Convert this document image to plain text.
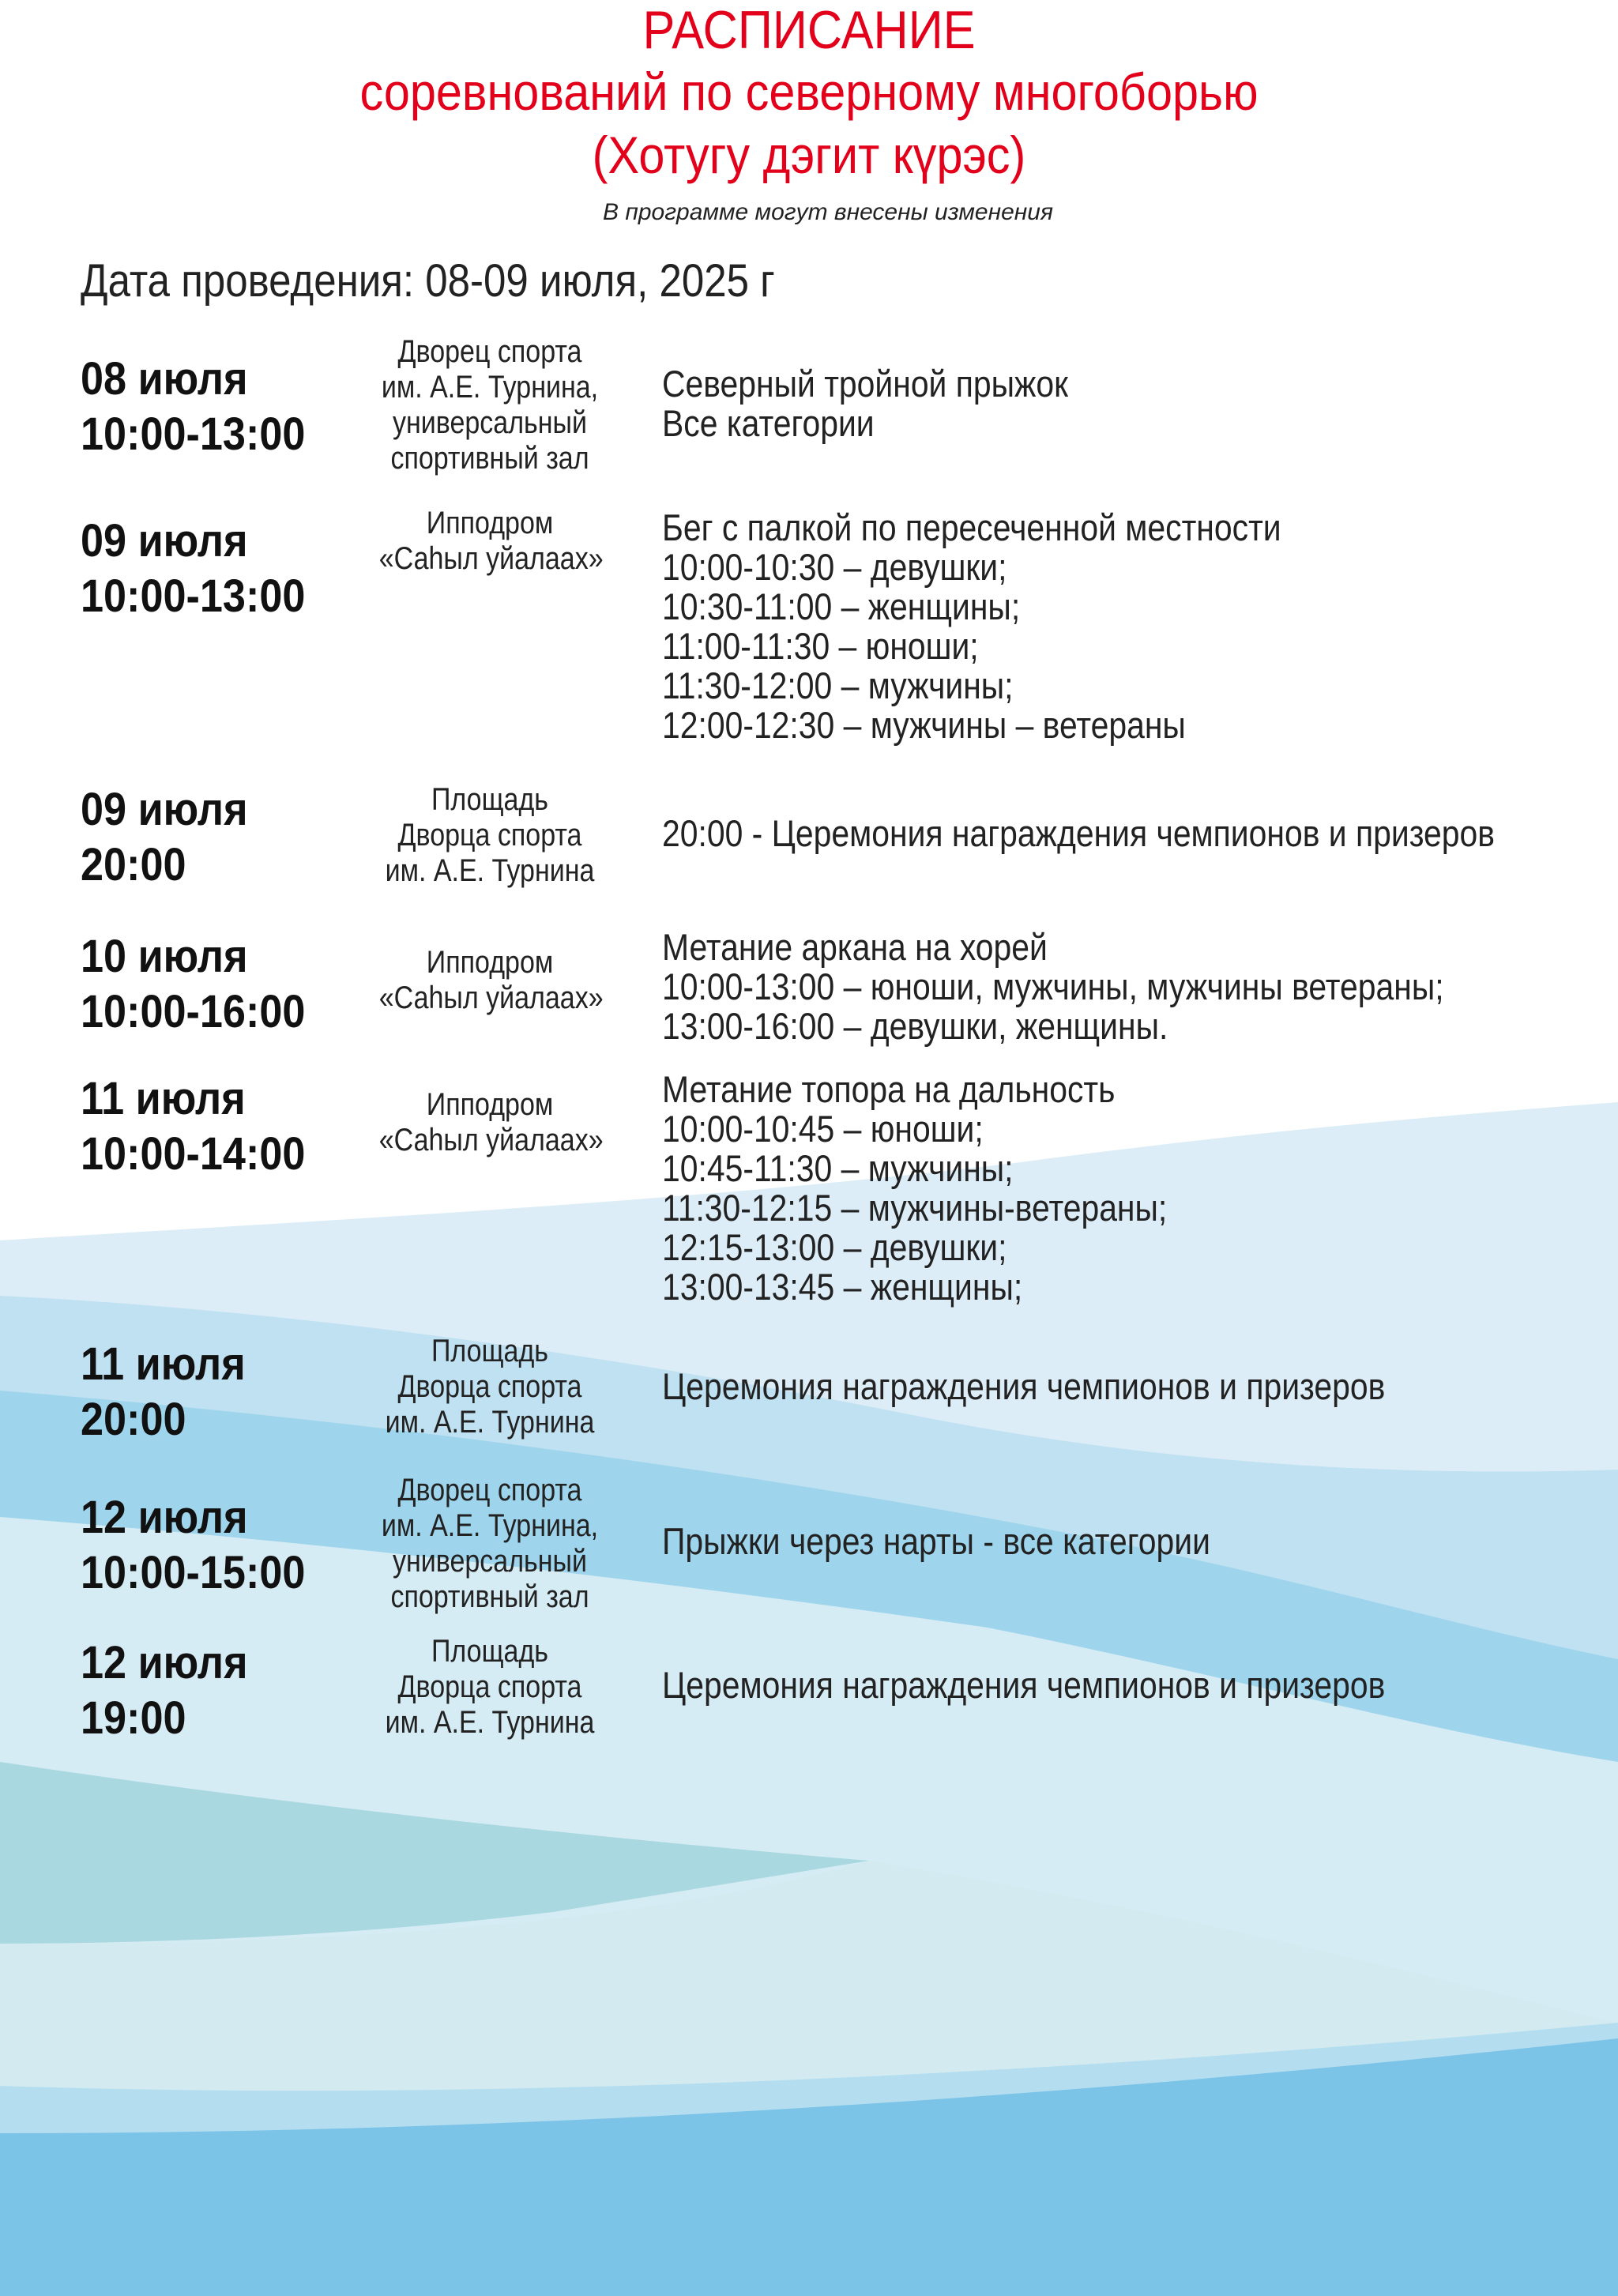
РАСПИСАНИЕ
соревнований по северному многоборью
(Хотугу дэгит күрэс)
В программе могут внесены изменения
Дата проведения: 08-09 июля, 2025 г
08 июля
10:00-13:00
Дворец спорта
им. А.Е. Турнина,
универсальный
спортивный зал
Северный тройной прыжок
Все категории
09 июля
10:00-13:00
Ипподром
«Саһыл уйалаах»
Бег с палкой по пересеченной местности
10:00-10:30 – девушки;
10:30-11:00 – женщины;
11:00-11:30 – юноши;
11:30-12:00 – мужчины;
12:00-12:30 – мужчины – ветераны
09 июля
20:00
Площадь
Дворца спорта
им. А.Е. Турнина
20:00 - Церемония награждения чемпионов и призеров
10 июля
10:00-16:00
Ипподром
«Саһыл уйалаах»
Метание аркана на хорей
10:00-13:00 – юноши, мужчины, мужчины ветераны;
13:00-16:00 – девушки, женщины.
11 июля
10:00-14:00
Ипподром
«Саһыл уйалаах»
Метание топора на дальность
10:00-10:45 – юноши;
10:45-11:30 – мужчины;
11:30-12:15 – мужчины-ветераны;
12:15-13:00 – девушки;
13:00-13:45 – женщины;
11 июля
20:00
Площадь
Дворца спорта
им. А.Е. Турнина
Церемония награждения чемпионов и призеров
12 июля
10:00-15:00
Дворец спорта
им. А.Е. Турнина,
универсальный
спортивный зал
Прыжки через нарты - все категории
12 июля
19:00
Площадь
Дворца спорта
им. А.Е. Турнина
Церемония награждения чемпионов и призеров
